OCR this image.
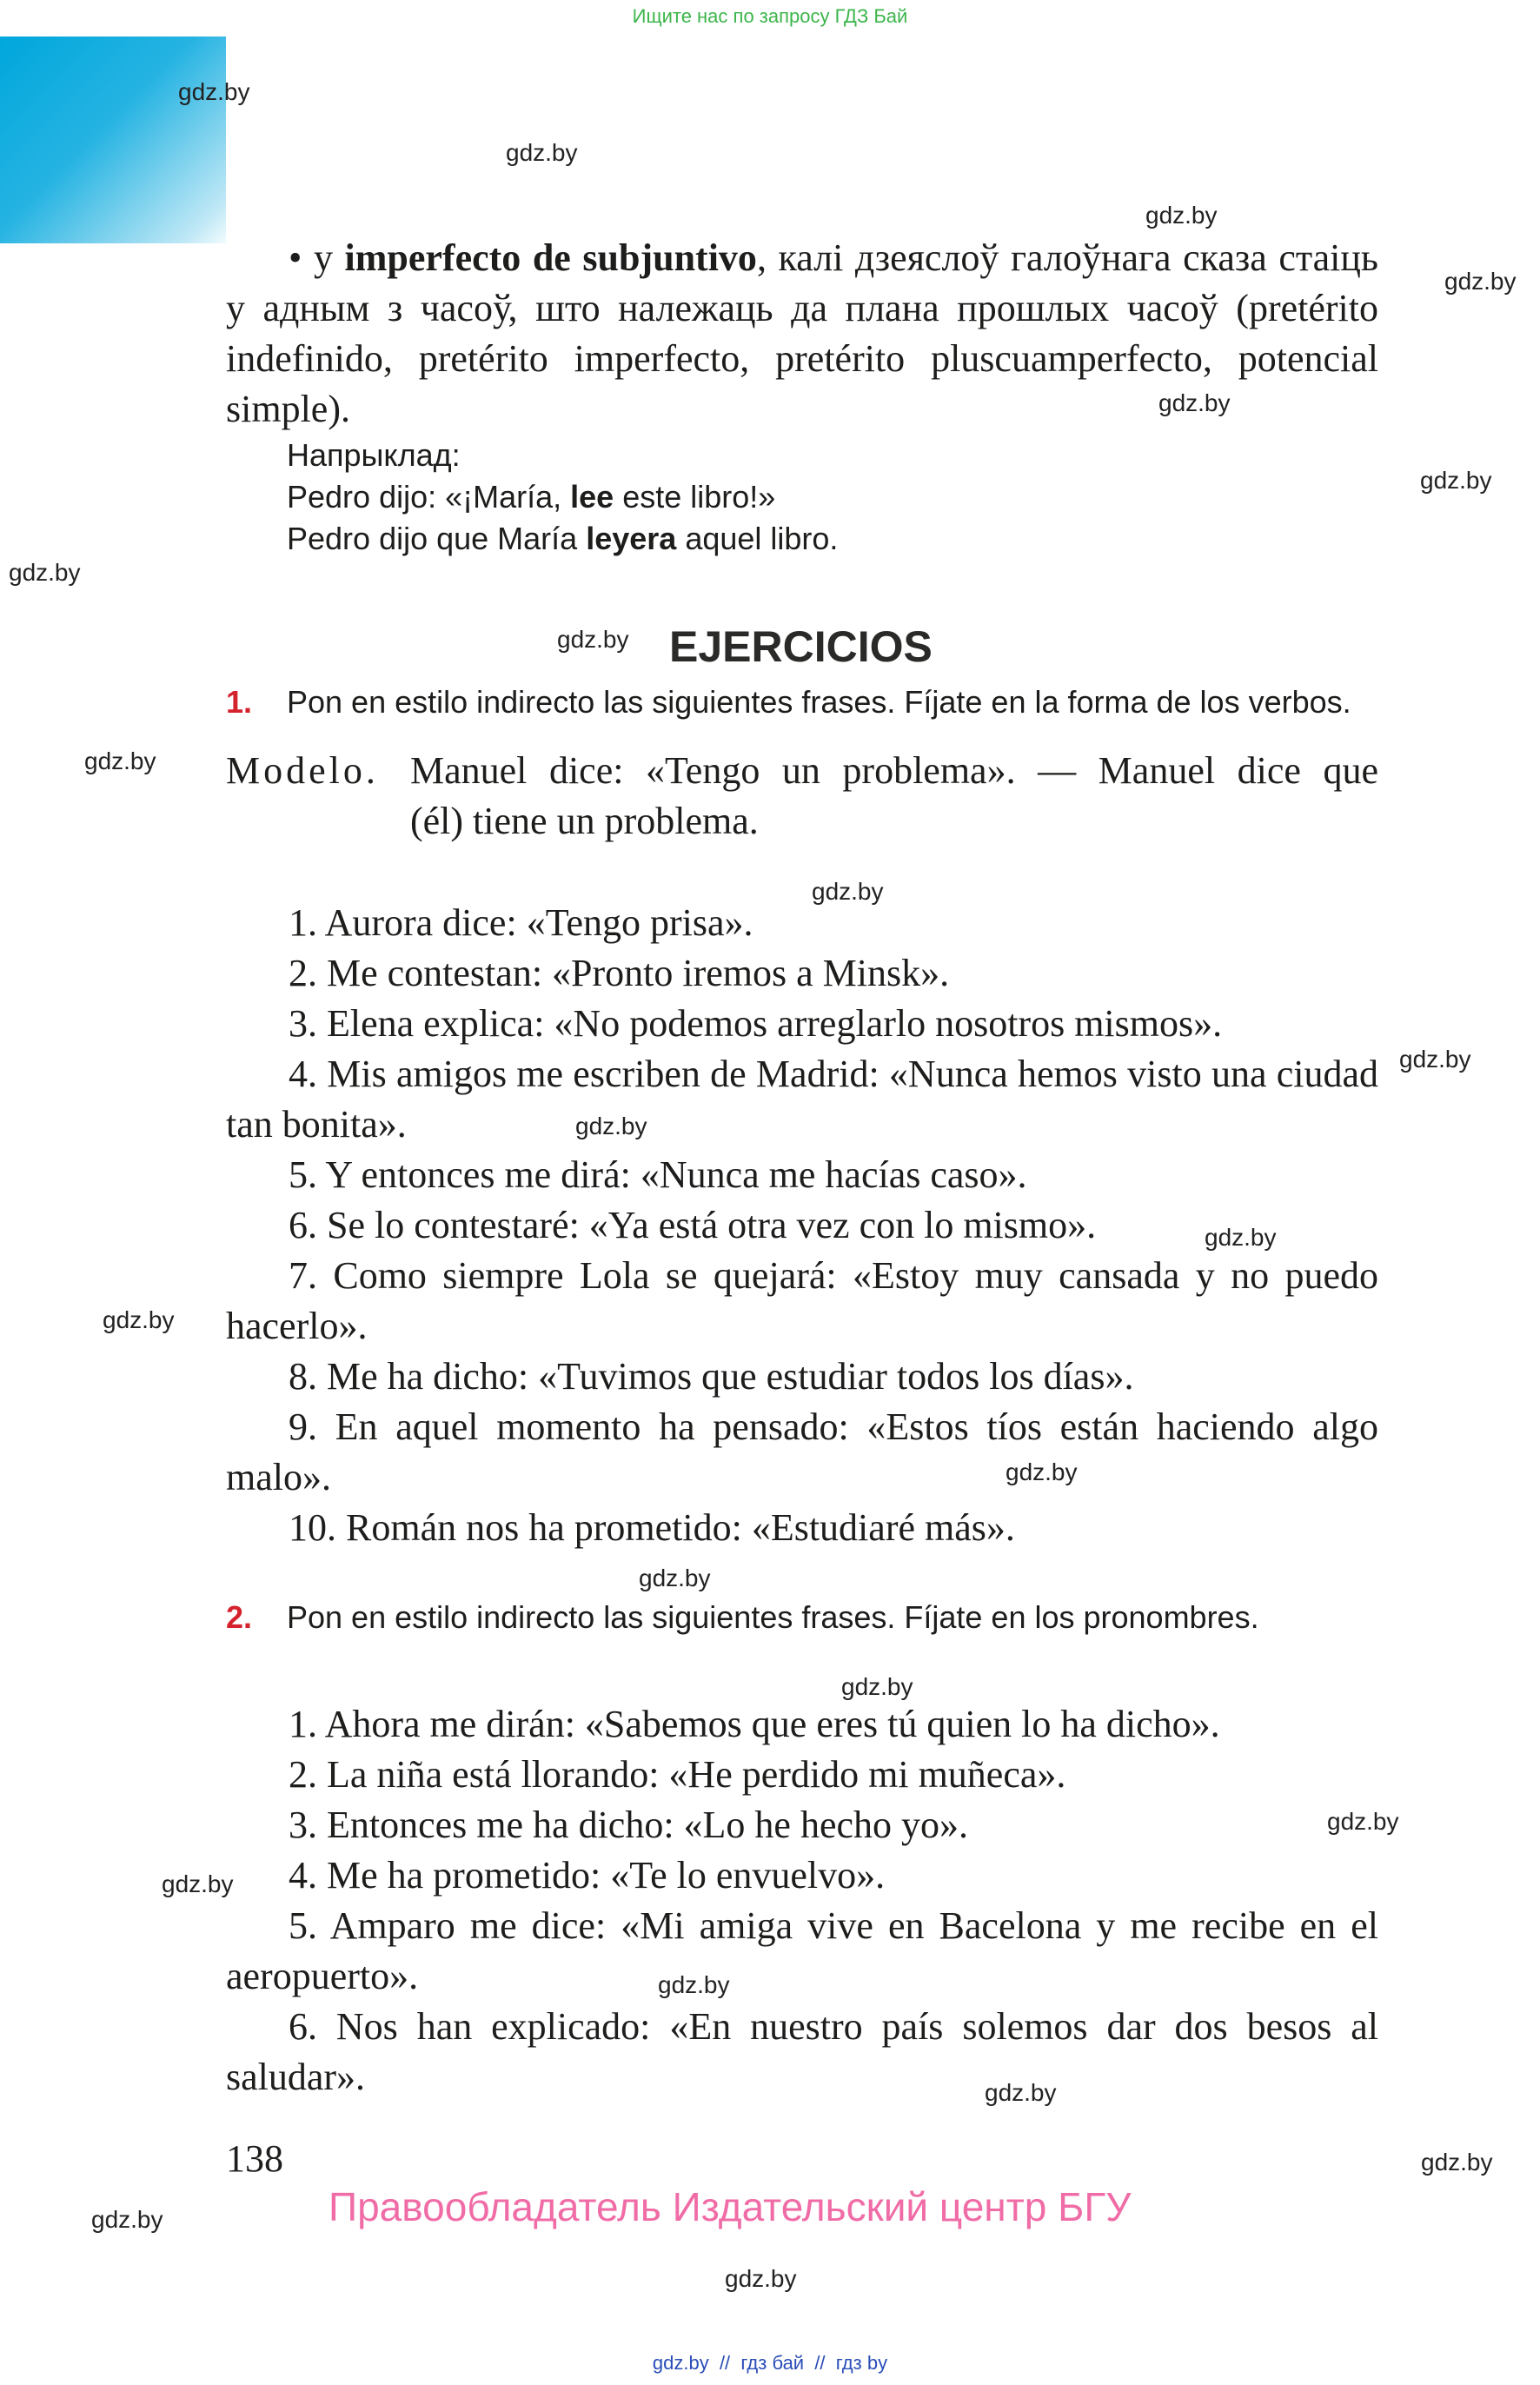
Ищите нас по запросу ГДЗ Бай
gdz.by
gdz.by
gdz.by
gdz.by
gdz.by
gdz.by
gdz.by
gdz.by
gdz.by
gdz.by
gdz.by
gdz.by
gdz.by
gdz.by
gdz.by
gdz.by
gdz.by
gdz.by
gdz.by
gdz.by
gdz.by
gdz.by
gdz.by
gdz.by
• у imperfecto de subjuntivo, калі дзеяслоў галоўнага сказа стаіць у адным з часоў, што належаць да плана прошлых часоў (pretérito indefinido, pretérito imperfecto, pretérito pluscuamperfecto, potencial simple).
Напрыклад:
Pedro dijo: «¡María, lee este libro!»
Pedro dijo que María leyera aquel libro.
EJERCICIOS
1. Pon en estilo indirecto las siguientes frases. Fíjate en la forma de los verbos.
Modelo. Manuel dice: «Tengo un problema». — Manuel dice que
(él) tiene un problema.
1. Aurora dice: «Tengo prisa».
2. Me contestan: «Pronto iremos a Minsk».
3. Elena explica: «No podemos arreglarlo nosotros mismos».
4. Mis amigos me escriben de Madrid: «Nunca hemos visto una ciudad tan bonita».
5. Y entonces me dirá: «Nunca me hacías caso».
6. Se lo contestaré: «Ya está otra vez con lo mismo».
7. Como siempre Lola se quejará: «Estoy muy cansada y no puedo hacerlo».
8. Me ha dicho: «Tuvimos que estudiar todos los días».
9. En aquel momento ha pensado: «Estos tíos están haciendo algo malo».
10. Román nos ha prometido: «Estudiaré más».
2. Pon en estilo indirecto las siguientes frases. Fíjate en los pronombres.
1. Ahora me dirán: «Sabemos que eres tú quien lo ha dicho».
2. La niña está llorando: «He perdido mi muñeca».
3. Entonces me ha dicho: «Lo he hecho yo».
4. Me ha prometido: «Te lo envuelvo».
5. Amparo me dice: «Mi amiga vive en Bacelona y me recibe en el aeropuerto».
6. Nos han explicado: «En nuestro país solemos dar dos besos al saludar».
138
Правообладатель Издательский центр БГУ
gdz.by  //  гдз бай  //  гдз by
